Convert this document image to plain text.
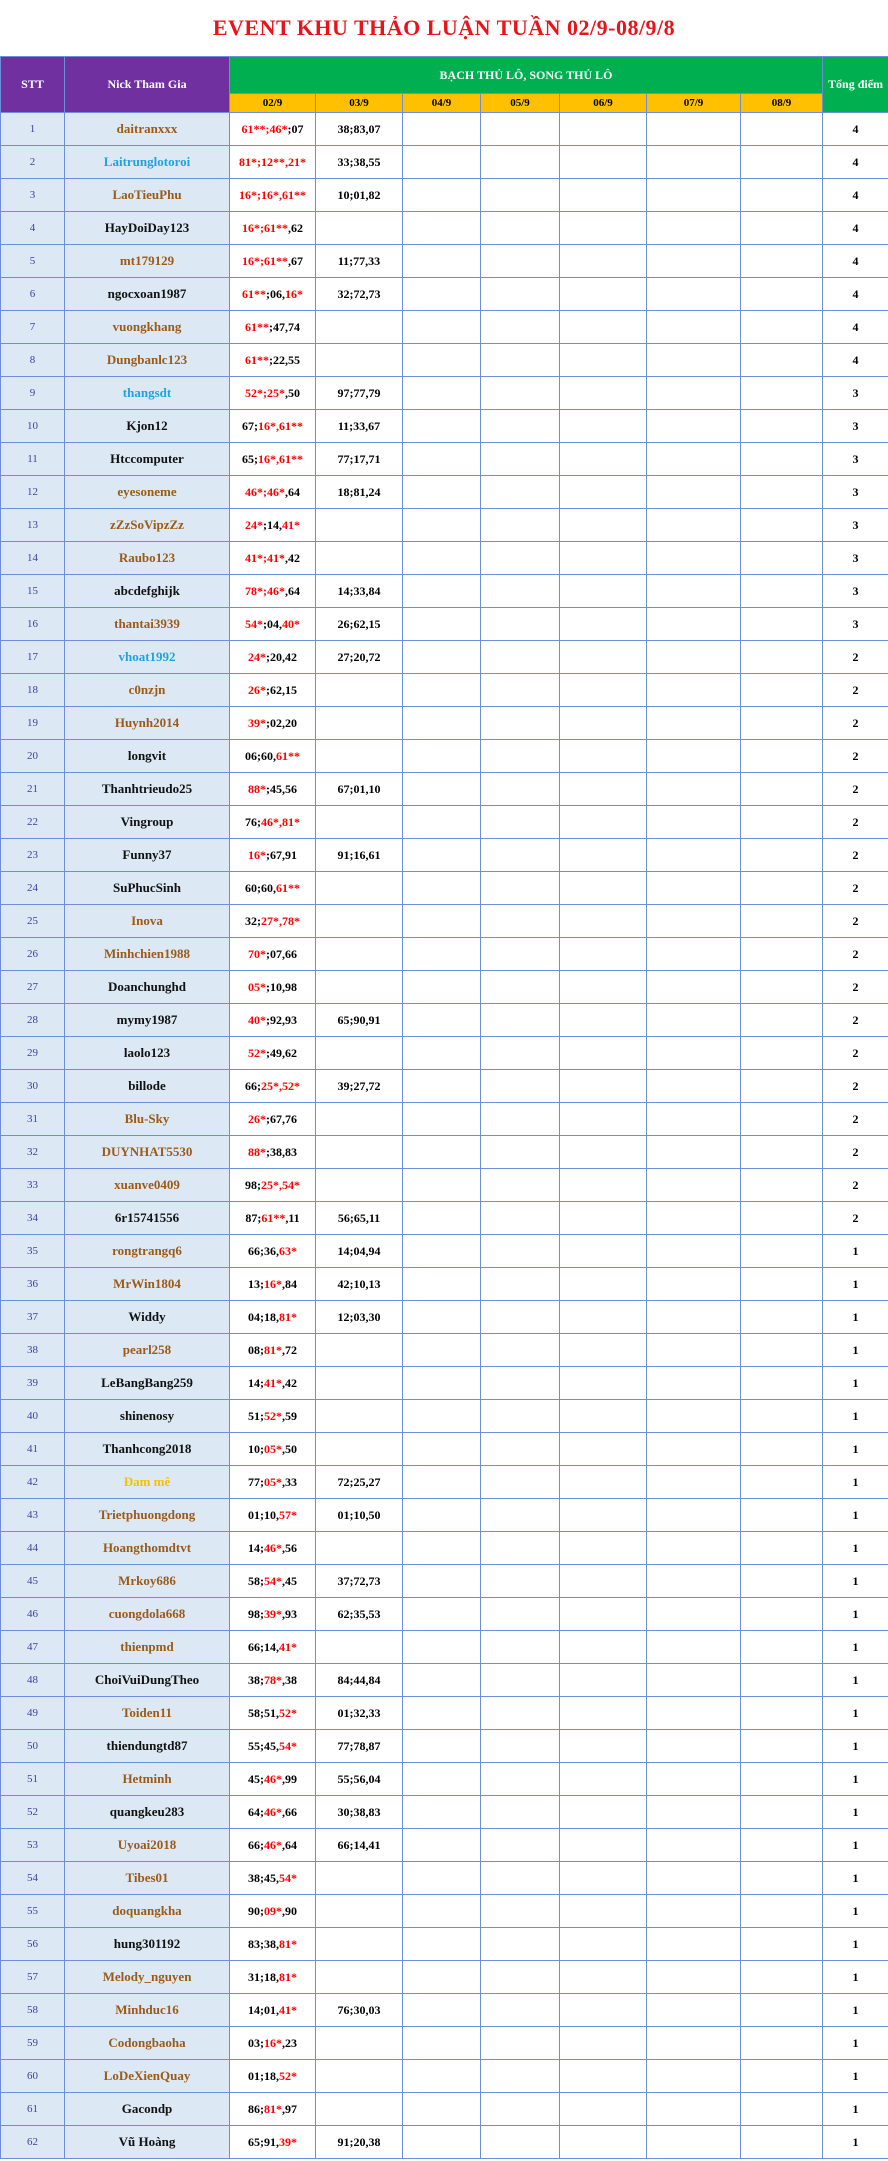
EVENT KHU THẢO LUẬN TUẦN 02/9-08/9/8
STT	Nick Tham Gia	BẠCH THỦ LÔ, SONG THỦ LÔ							Tổng điểm
		02/9	03/9	04/9	05/9	06/9	07/9	08/9	
1	daitranxxx	61**;46*;07	38;83,07						4
2	Laitrunglotoroi	81*;12**,21*	33;38,55						4
3	LaoTieuPhu	16*;16*,61**	10;01,82						4
4	HayDoiDay123	16*;61**,62							4
5	mt179129	16*;61**,67	11;77,33						4
6	ngocxoan1987	61**;06,16*	32;72,73						4
7	vuongkhang	61**;47,74							4
8	Dungbanlc123	61**;22,55							4
9	thangsdt	52*;25*,50	97;77,79						3
10	Kjon12	67;16*,61**	11;33,67						3
11	Htccomputer	65;16*,61**	77;17,71						3
12	eyesoneme	46*;46*,64	18;81,24						3
13	zZzSoVipzZz	24*;14,41*							3
14	Raubo123	41*;41*,42							3
15	abcdefghijk	78*;46*,64	14;33,84						3
16	thantai3939	54*;04,40*	26;62,15						3
17	vhoat1992	24*;20,42	27;20,72						2
18	c0nzjn	26*;62,15							2
19	Huynh2014	39*;02,20							2
20	longvit	06;60,61**							2
21	Thanhtrieudo25	88*;45,56	67;01,10						2
22	Vingroup	76;46*,81*							2
23	Funny37	16*;67,91	91;16,61						2
24	SuPhucSinh	60;60,61**							2
25	Inova	32;27*,78*							2
26	Minhchien1988	70*;07,66							2
27	Doanchunghd	05*;10,98							2
28	mymy1987	40*;92,93	65;90,91						2
29	laolo123	52*;49,62							2
30	billode	66;25*,52*	39;27,72						2
31	Blu-Sky	26*;67,76							2
32	DUYNHAT5530	88*;38,83							2
33	xuanve0409	98;25*,54*							2
34	6r15741556	87;61**,11	56;65,11						2
35	rongtrangq6	66;36,63*	14;04,94						1
36	MrWin1804	13;16*,84	42;10,13						1
37	Widdy	04;18,81*	12;03,30						1
38	pearl258	08;81*,72							1
39	LeBangBang259	14;41*,42							1
40	shinenosy	51;52*,59							1
41	Thanhcong2018	10;05*,50							1
42	Đam mê	77;05*,33	72;25,27						1
43	Trietphuongdong	01;10,57*	01;10,50						1
44	Hoangthomdtvt	14;46*,56							1
45	Mrkoy686	58;54*,45	37;72,73						1
46	cuongdola668	98;39*,93	62;35,53						1
47	thienpmd	66;14,41*							1
48	ChoiVuiDungTheo	38;78*,38	84;44,84						1
49	Toiden11	58;51,52*	01;32,33						1
50	thiendungtd87	55;45,54*	77;78,87						1
51	Hetminh	45;46*,99	55;56,04						1
52	quangkeu283	64;46*,66	30;38,83						1
53	Uyoai2018	66;46*,64	66;14,41						1
54	Tibes01	38;45,54*							1
55	doquangkha	90;09*,90							1
56	hung301192	83;38,81*							1
57	Melody_nguyen	31;18,81*							1
58	Minhduc16	14;01,41*	76;30,03						1
59	Codongbaoha	03;16*,23							1
60	LoDeXienQuay	01;18,52*							1
61	Gacondp	86;81*,97							1
62	Vũ Hoàng	65;91,39*	91;20,38						1
